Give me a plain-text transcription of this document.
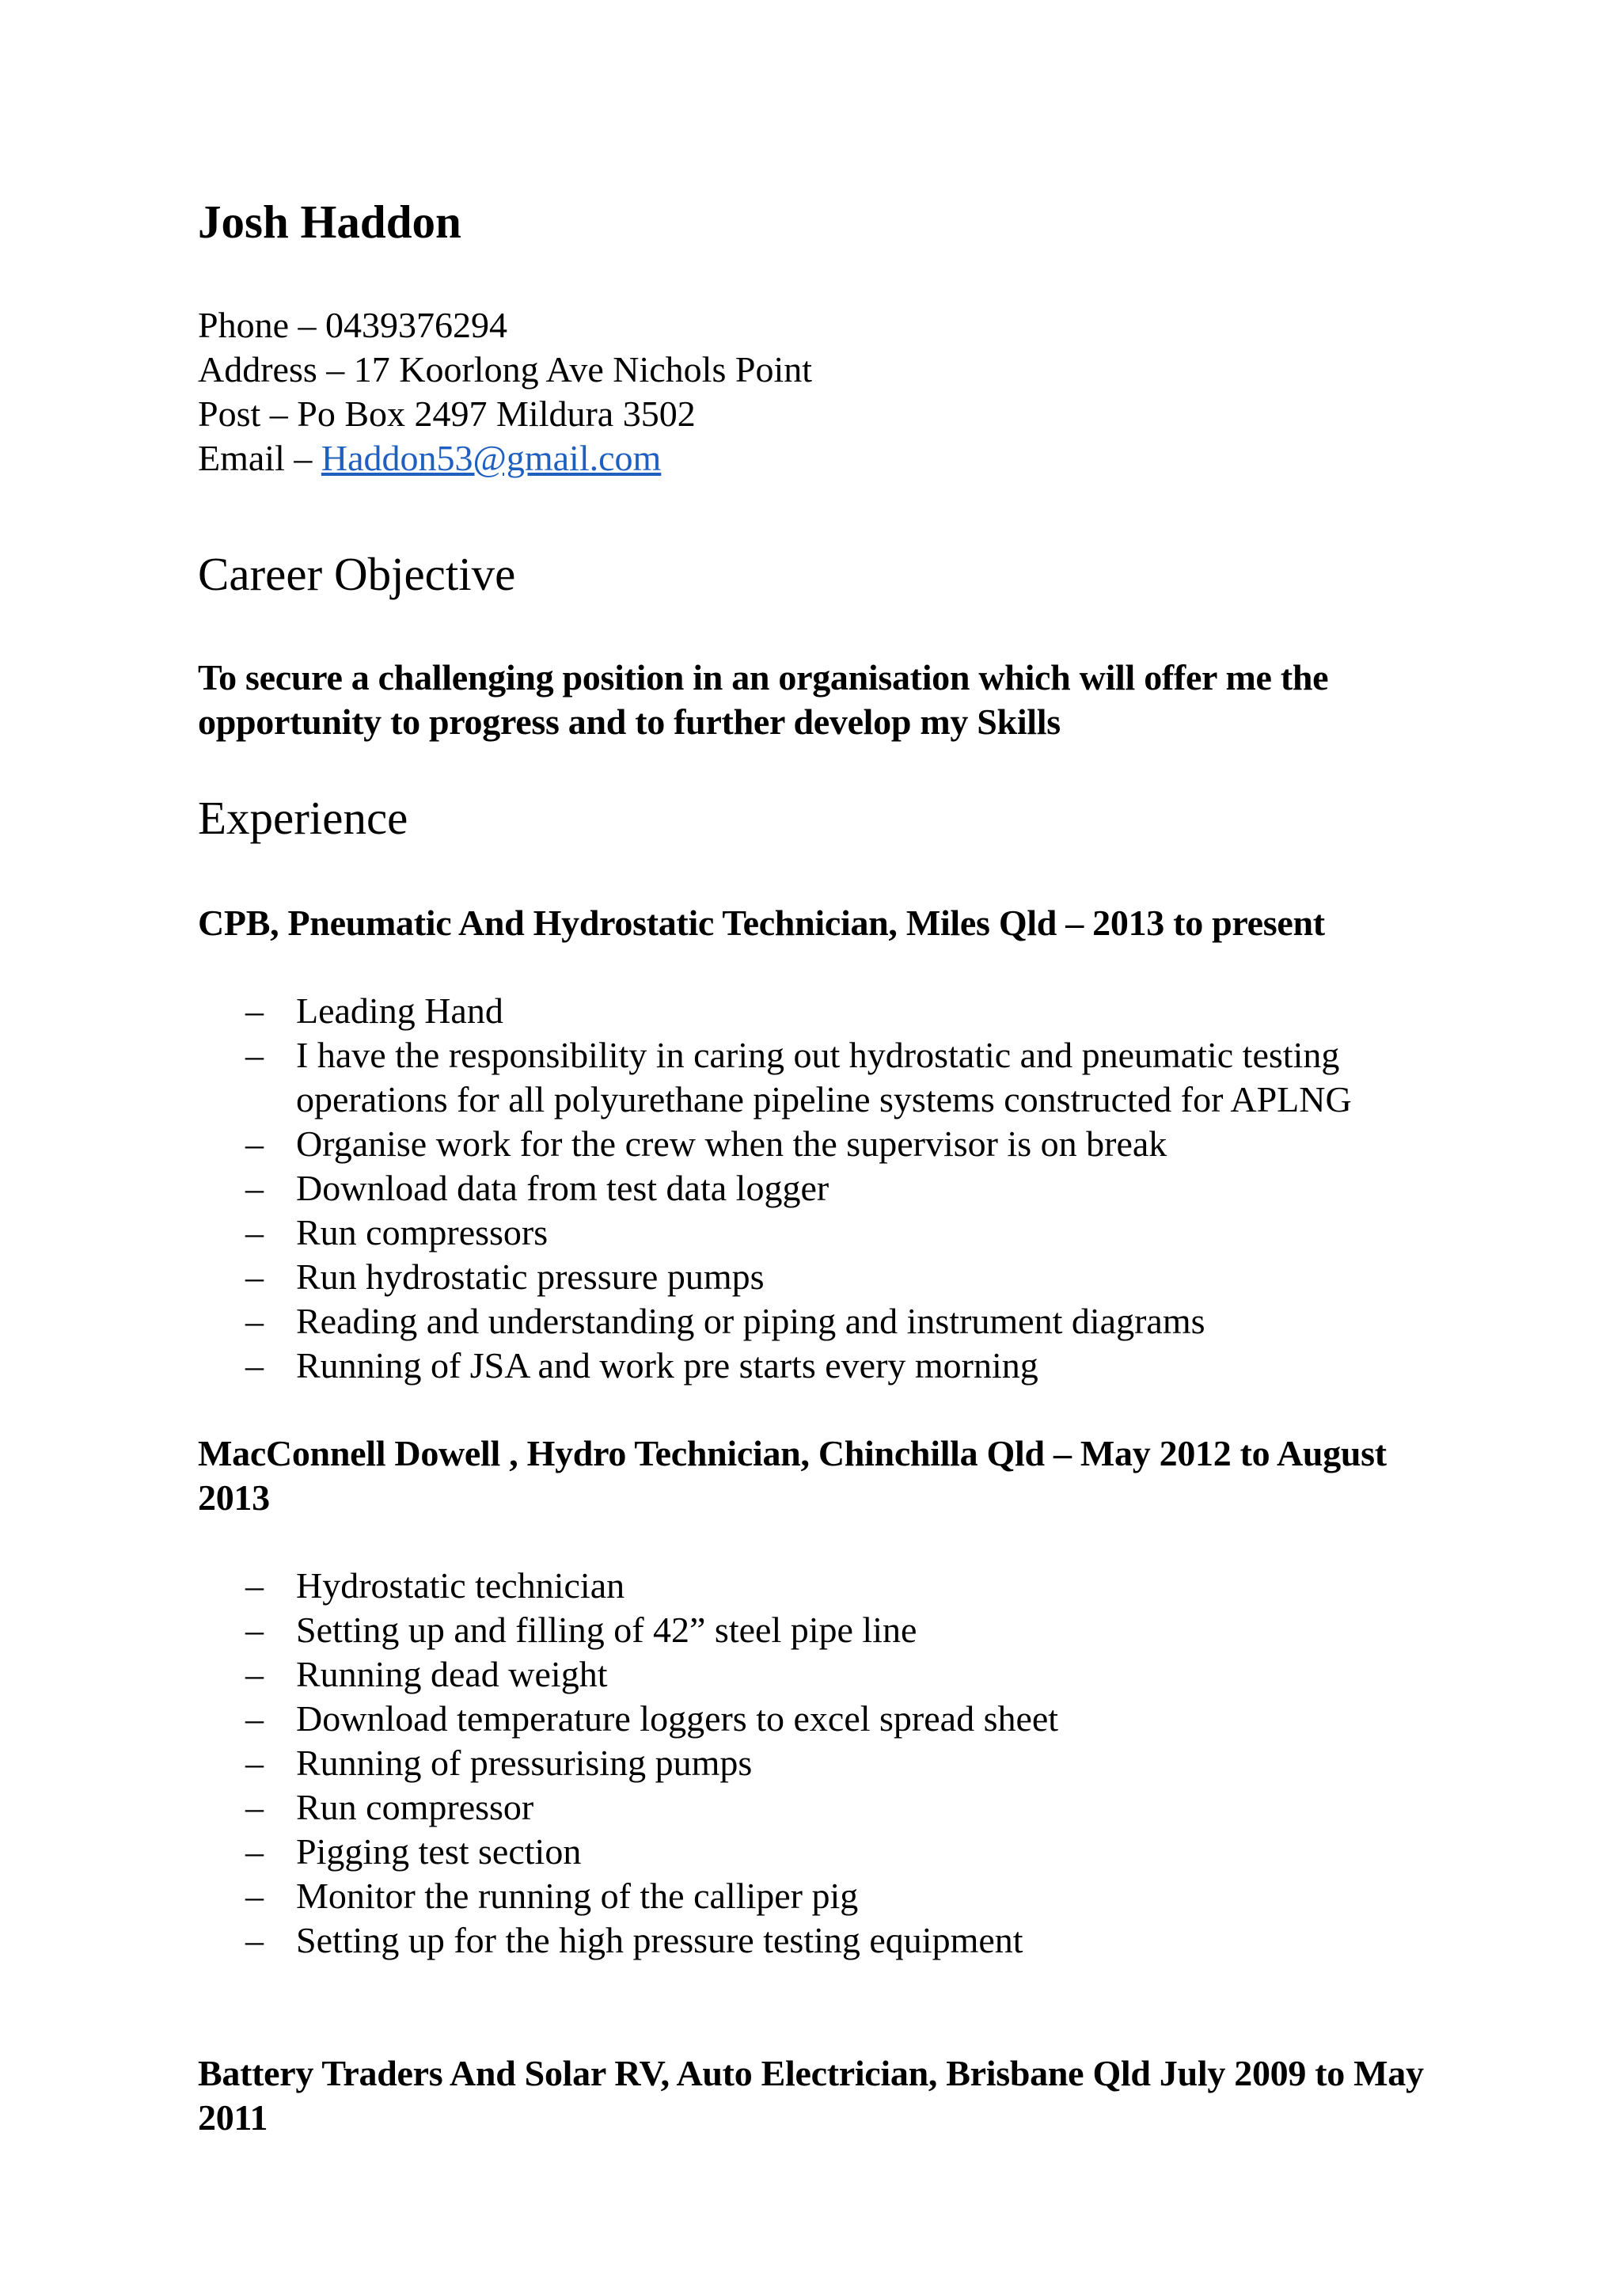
Josh Haddon
Phone – 0439376294
Address – 17 Koorlong Ave Nichols Point
Post – Po Box 2497 Mildura 3502
Email – Haddon53@gmail.com
Career Objective
To secure a challenging position in an organisation which will offer me the opportunity to progress and to further develop my Skills
Experience
CPB, Pneumatic And Hydrostatic Technician, Miles Qld – 2013 to present
– Leading Hand
– I have the responsibility in caring out hydrostatic and pneumatic testing operations for all polyurethane pipeline systems constructed for APLNG
– Organise work for the crew when the supervisor is on break
– Download data from test data logger
– Run compressors
– Run hydrostatic pressure pumps
– Reading and understanding or piping and instrument diagrams
– Running of JSA and work pre starts every morning
MacConnell Dowell , Hydro Technician, Chinchilla Qld – May 2012 to August 2013
– Hydrostatic technician
– Setting up and filling of 42” steel pipe line
– Running dead weight
– Download temperature loggers to excel spread sheet
– Running of pressurising pumps
– Run compressor
– Pigging test section
– Monitor the running of the calliper pig
– Setting up for the high pressure testing equipment
Battery Traders And Solar RV, Auto Electrician, Brisbane Qld July 2009 to May 2011
